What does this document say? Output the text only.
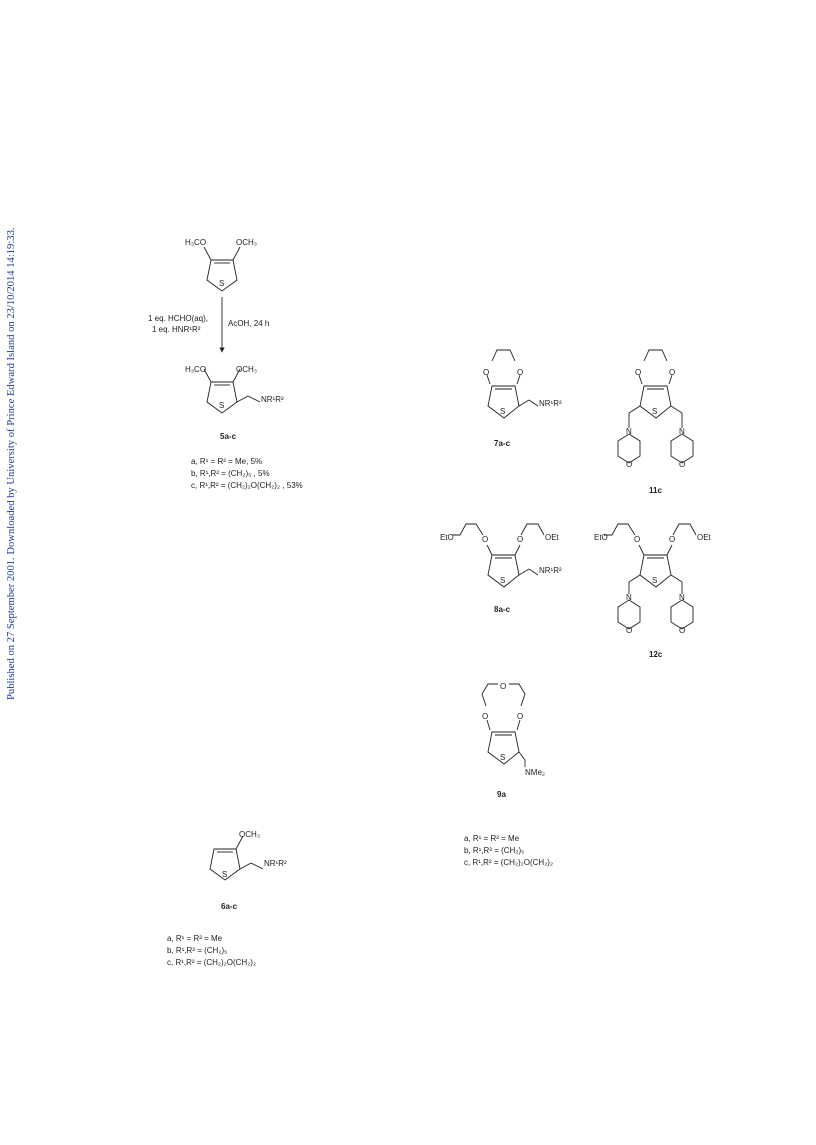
Published on 27 September 2001. Downloaded by University of Prince Edward Island on 23/10/2014 14:19:33.	H₃CO	OCH₃
S
1 eq. HCHO(aq),
1 eq. HNR¹R²
AcOH, 24 h
H₃CO	OCH₃
S
NR¹R²
5a-c
OCH₃
S
NR¹R²
6a-c
O	O
S
NR¹R²
7a-c
O	O
S
N	N
O	O
11c
EtO	OEt
O	O
S
NR¹R²
8a-c
EtO	OEt
O	O
S
N	N
O	O
12c
O
O	O
S
NMe₂
9a
a, R¹ = R² = Me, 5%
b, R¹,R² = (CH₂)₅ , 5%
c, R¹,R² = (CH₂)₂O(CH₂)₂ , 53%
a, R¹ = R² = Me
b, R¹,R² = (CH₂)₅
c, R¹,R² = (CH₂)₂O(CH₂)₂
a, R¹ = R² = Me
b, R¹,R² = (CH₂)₅
c, R¹,R² = (CH₂)₂O(CH₂)₂
